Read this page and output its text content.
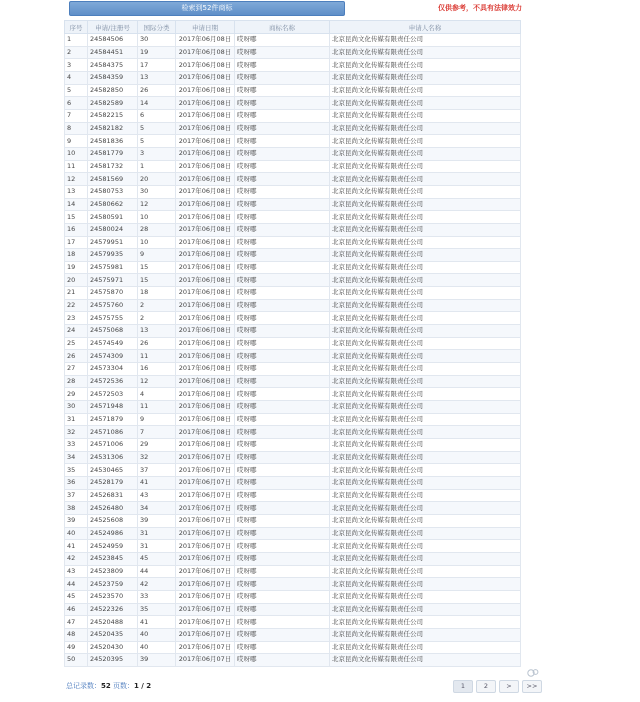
检索到52件商标	仅供参考，不具有法律效力
序号	申请/注册号	国际分类	申请日期	商标名称	申请人名称
1	24584506	30	2017年06月08日	哎呀哪	北京昆尚文化传媒有限责任公司
2	24584451	19	2017年06月08日	哎呀哪	北京昆尚文化传媒有限责任公司
3	24584375	17	2017年06月08日	哎呀哪	北京昆尚文化传媒有限责任公司
4	24584359	13	2017年06月08日	哎呀哪	北京昆尚文化传媒有限责任公司
5	24582850	26	2017年06月08日	哎呀哪	北京昆尚文化传媒有限责任公司
6	24582589	14	2017年06月08日	哎呀哪	北京昆尚文化传媒有限责任公司
7	24582215	6	2017年06月08日	哎呀哪	北京昆尚文化传媒有限责任公司
8	24582182	5	2017年06月08日	哎呀哪	北京昆尚文化传媒有限责任公司
9	24581836	5	2017年06月08日	哎呀哪	北京昆尚文化传媒有限责任公司
10	24581779	3	2017年06月08日	哎呀哪	北京昆尚文化传媒有限责任公司
11	24581732	1	2017年06月08日	哎呀哪	北京昆尚文化传媒有限责任公司
12	24581569	20	2017年06月08日	哎呀哪	北京昆尚文化传媒有限责任公司
13	24580753	30	2017年06月08日	哎呀哪	北京昆尚文化传媒有限责任公司
14	24580662	12	2017年06月08日	哎呀哪	北京昆尚文化传媒有限责任公司
15	24580591	10	2017年06月08日	哎呀哪	北京昆尚文化传媒有限责任公司
16	24580024	28	2017年06月08日	哎呀哪	北京昆尚文化传媒有限责任公司
17	24579951	10	2017年06月08日	哎呀哪	北京昆尚文化传媒有限责任公司
18	24579935	9	2017年06月08日	哎呀哪	北京昆尚文化传媒有限责任公司
19	24575981	15	2017年06月08日	哎呀哪	北京昆尚文化传媒有限责任公司
20	24575971	15	2017年06月08日	哎呀哪	北京昆尚文化传媒有限责任公司
21	24575870	18	2017年06月08日	哎呀哪	北京昆尚文化传媒有限责任公司
22	24575760	2	2017年06月08日	哎呀哪	北京昆尚文化传媒有限责任公司
23	24575755	2	2017年06月08日	哎呀哪	北京昆尚文化传媒有限责任公司
24	24575068	13	2017年06月08日	哎呀哪	北京昆尚文化传媒有限责任公司
25	24574549	26	2017年06月08日	哎呀哪	北京昆尚文化传媒有限责任公司
26	24574309	11	2017年06月08日	哎呀哪	北京昆尚文化传媒有限责任公司
27	24573304	16	2017年06月08日	哎呀哪	北京昆尚文化传媒有限责任公司
28	24572536	12	2017年06月08日	哎呀哪	北京昆尚文化传媒有限责任公司
29	24572503	4	2017年06月08日	哎呀哪	北京昆尚文化传媒有限责任公司
30	24571948	11	2017年06月08日	哎呀哪	北京昆尚文化传媒有限责任公司
31	24571879	9	2017年06月08日	哎呀哪	北京昆尚文化传媒有限责任公司
32	24571086	7	2017年06月08日	哎呀哪	北京昆尚文化传媒有限责任公司
33	24571006	29	2017年06月08日	哎呀哪	北京昆尚文化传媒有限责任公司
34	24531306	32	2017年06月07日	哎呀哪	北京昆尚文化传媒有限责任公司
35	24530465	37	2017年06月07日	哎呀哪	北京昆尚文化传媒有限责任公司
36	24528179	41	2017年06月07日	哎呀哪	北京昆尚文化传媒有限责任公司
37	24526831	43	2017年06月07日	哎呀哪	北京昆尚文化传媒有限责任公司
38	24526480	34	2017年06月07日	哎呀哪	北京昆尚文化传媒有限责任公司
39	24525608	39	2017年06月07日	哎呀哪	北京昆尚文化传媒有限责任公司
40	24524986	31	2017年06月07日	哎呀哪	北京昆尚文化传媒有限责任公司
41	24524959	31	2017年06月07日	哎呀哪	北京昆尚文化传媒有限责任公司
42	24523845	45	2017年06月07日	哎呀哪	北京昆尚文化传媒有限责任公司
43	24523809	44	2017年06月07日	哎呀哪	北京昆尚文化传媒有限责任公司
44	24523759	42	2017年06月07日	哎呀哪	北京昆尚文化传媒有限责任公司
45	24523570	33	2017年06月07日	哎呀哪	北京昆尚文化传媒有限责任公司
46	24522326	35	2017年06月07日	哎呀哪	北京昆尚文化传媒有限责任公司
47	24520488	41	2017年06月07日	哎呀哪	北京昆尚文化传媒有限责任公司
48	24520435	40	2017年06月07日	哎呀哪	北京昆尚文化传媒有限责任公司
49	24520430	40	2017年06月07日	哎呀哪	北京昆尚文化传媒有限责任公司
50	24520395	39	2017年06月07日	哎呀哪	北京昆尚文化传媒有限责任公司
总记录数：52 页数：1 / 2	1	2	>	>>
